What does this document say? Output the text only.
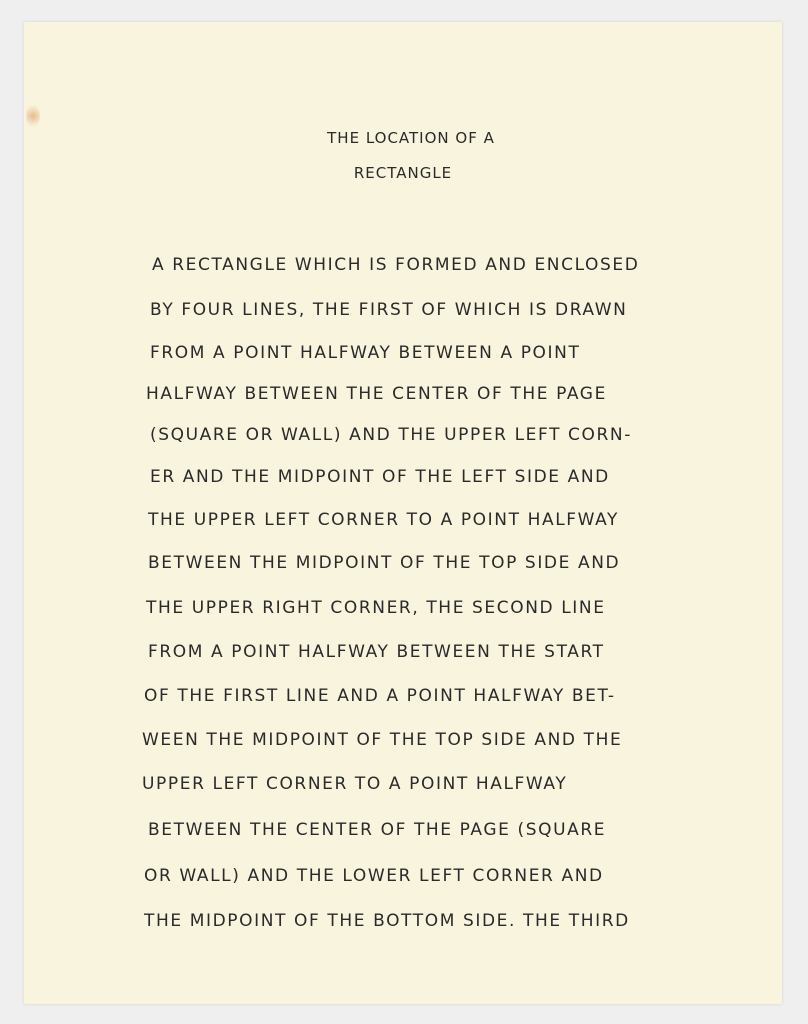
THE LOCATION OF A
RECTANGLE
A RECTANGLE WHICH IS FORMED AND ENCLOSED
BY FOUR LINES, THE FIRST OF WHICH IS DRAWN
FROM A POINT HALFWAY BETWEEN A POINT
HALFWAY BETWEEN THE CENTER OF THE PAGE
(SQUARE OR WALL) AND THE UPPER LEFT CORN-
ER AND THE MIDPOINT OF THE LEFT SIDE AND
THE UPPER LEFT CORNER TO A POINT HALFWAY
BETWEEN THE MIDPOINT OF THE TOP SIDE AND
THE UPPER RIGHT CORNER, THE SECOND LINE
FROM A POINT HALFWAY BETWEEN THE START
OF THE FIRST LINE AND A POINT HALFWAY BET-
WEEN THE MIDPOINT OF THE TOP SIDE AND THE
UPPER LEFT CORNER TO A POINT HALFWAY
BETWEEN THE CENTER OF THE PAGE (SQUARE
OR WALL) AND THE LOWER LEFT CORNER AND
THE MIDPOINT OF THE BOTTOM SIDE. THE THIRD
